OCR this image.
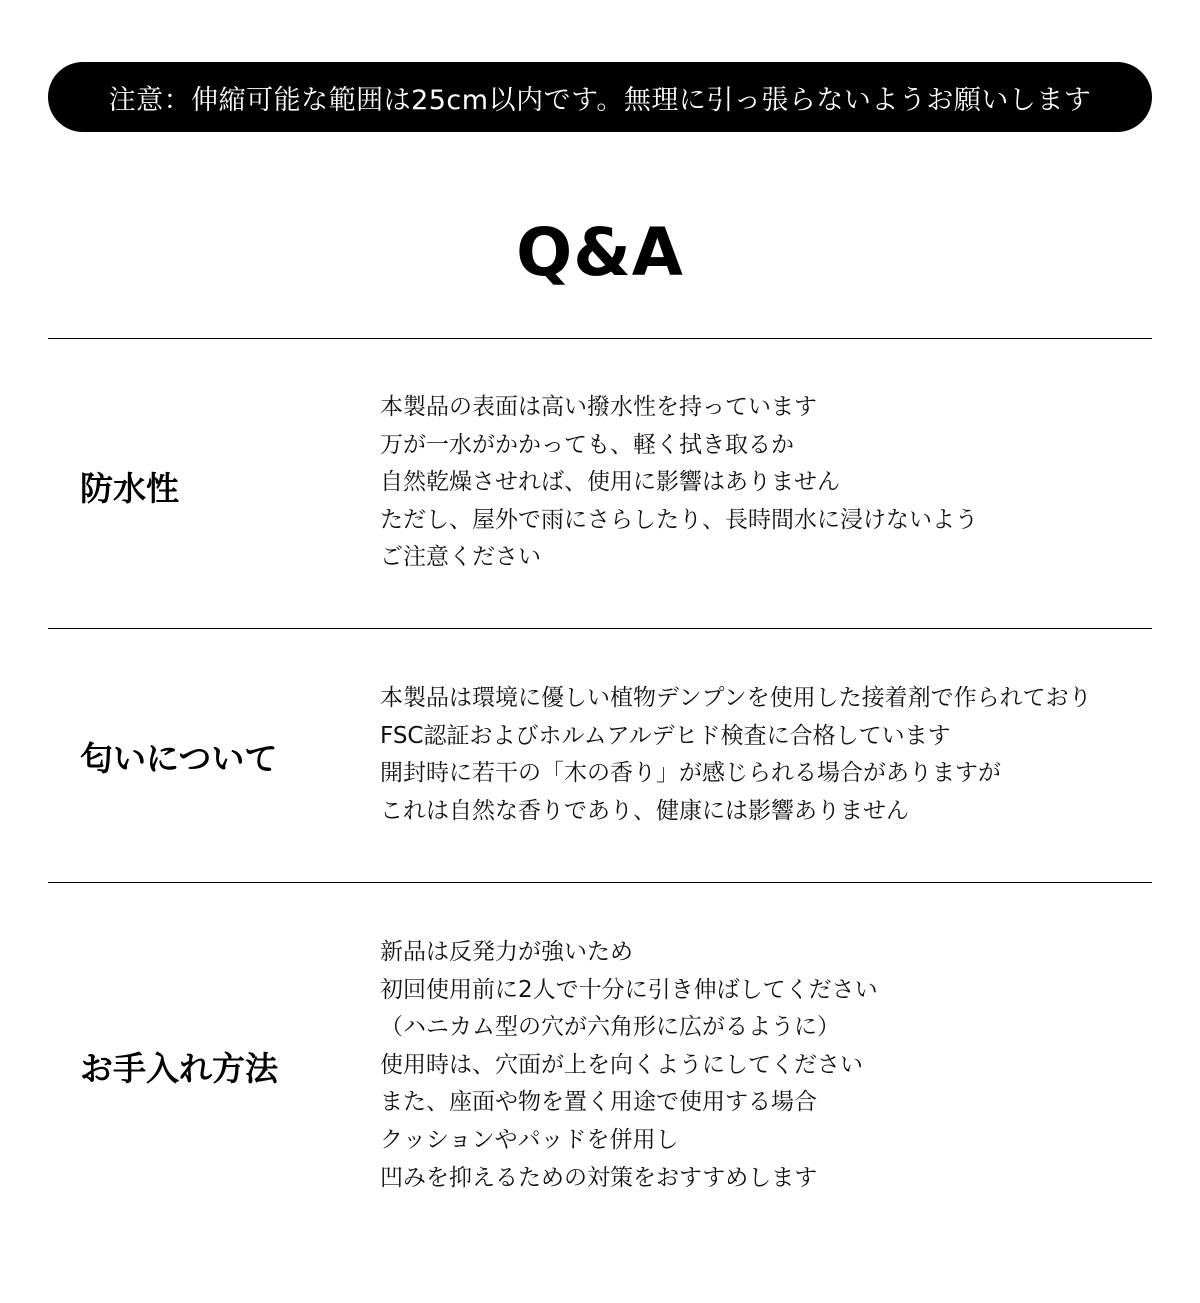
注意：伸縮可能な範囲は25cm以内です。無理に引っ張らないようお願いします
Q&A
防水性
本製品の表面は高い撥水性を持っています
万が一水がかかっても、軽く拭き取るか
自然乾燥させれば、使用に影響はありません
ただし、屋外で雨にさらしたり、長時間水に浸けないよう
ご注意ください
匂いについて
本製品は環境に優しい植物デンプンを使用した接着剤で作られており
FSC認証およびホルムアルデヒド検査に合格しています
開封時に若干の「木の香り」が感じられる場合がありますが
これは自然な香りであり、健康には影響ありません
お手入れ方法
新品は反発力が強いため
初回使用前に2人で十分に引き伸ばしてください
（ハニカム型の穴が六角形に広がるように）
使用時は、穴面が上を向くようにしてください
また、座面や物を置く用途で使用する場合
クッションやパッドを併用し
凹みを抑えるための対策をおすすめします
